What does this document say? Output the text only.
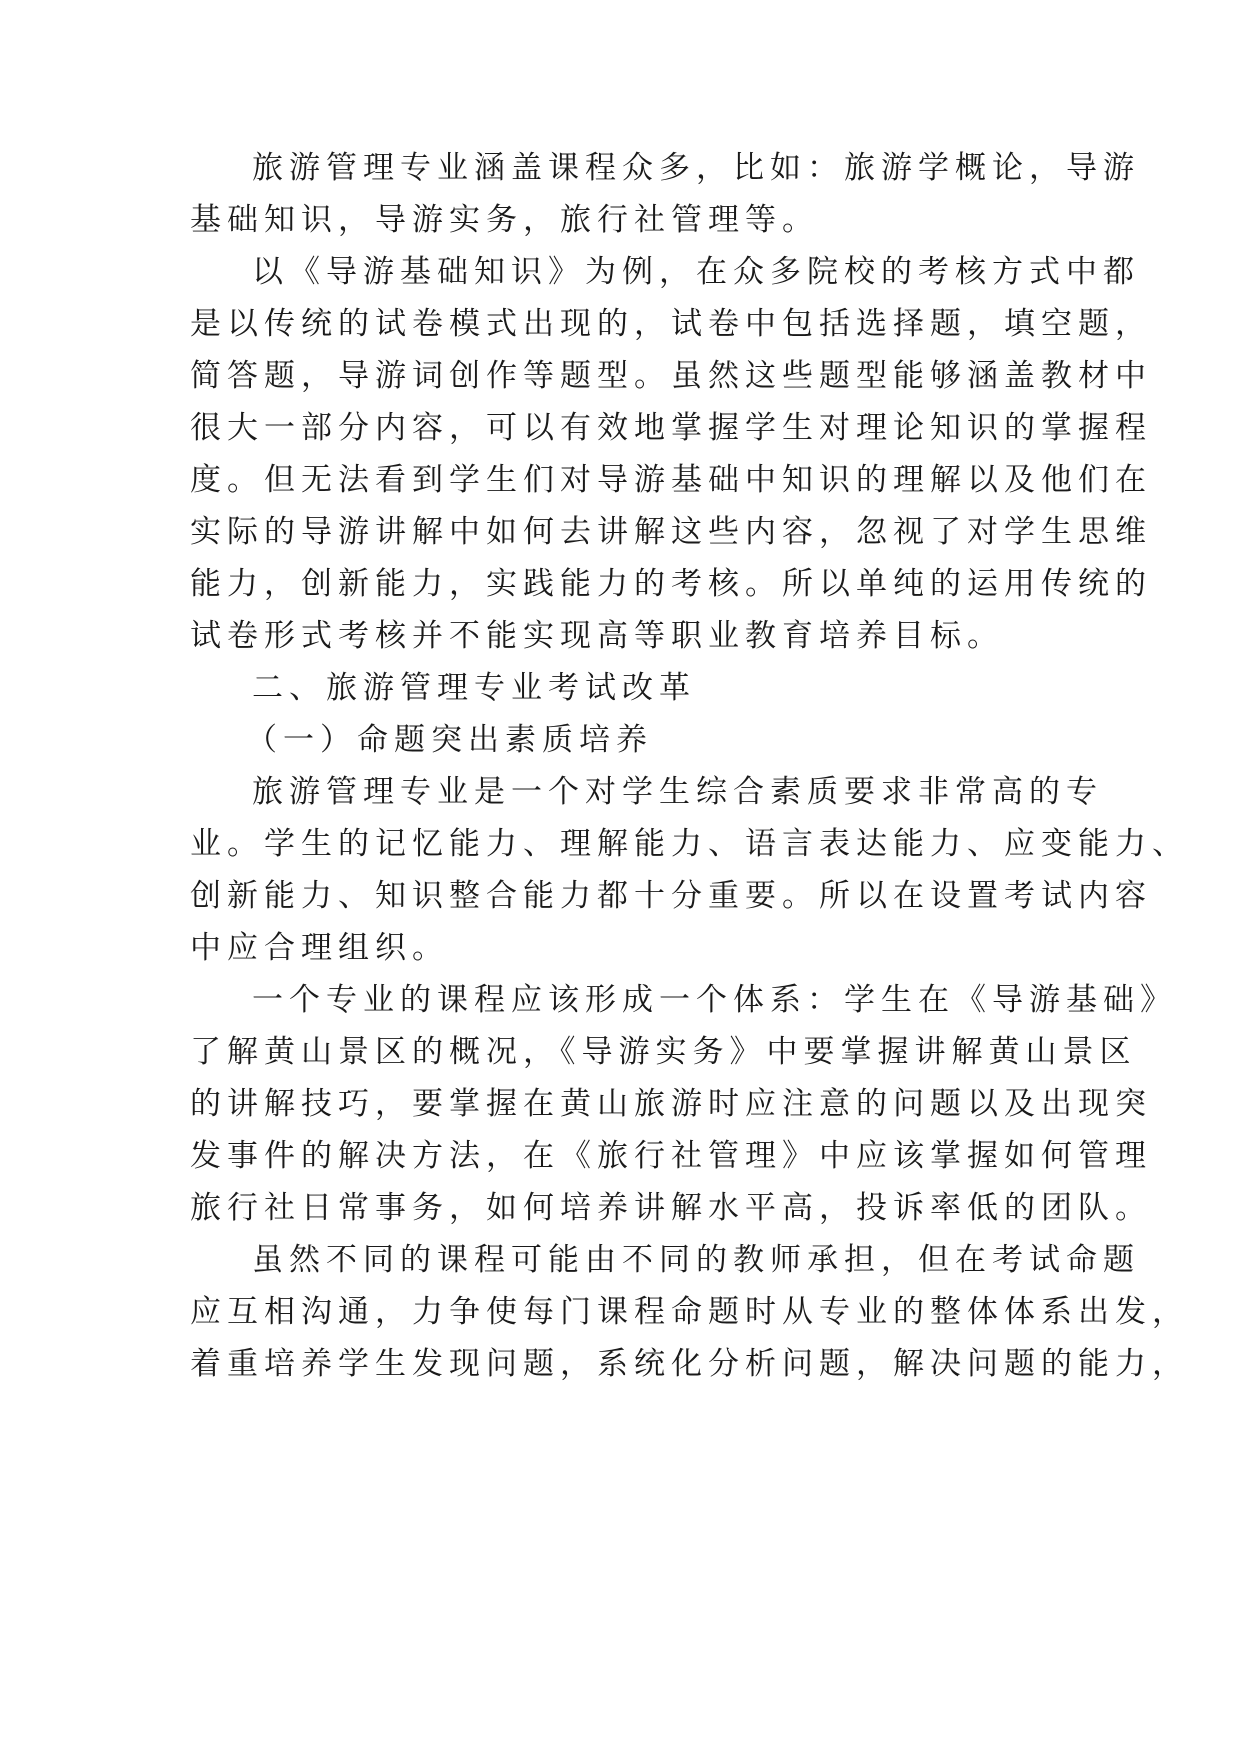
旅游管理专业涵盖课程众多，比如：旅游学概论，导游
基础知识，导游实务，旅行社管理等。
以《导游基础知识》为例，在众多院校的考核方式中都
是以传统的试卷模式出现的，试卷中包括选择题，填空题，
简答题，导游词创作等题型。虽然这些题型能够涵盖教材中
很大一部分内容，可以有效地掌握学生对理论知识的掌握程
度。但无法看到学生们对导游基础中知识的理解以及他们在
实际的导游讲解中如何去讲解这些内容，忽视了对学生思维
能力，创新能力，实践能力的考核。所以单纯的运用传统的
试卷形式考核并不能实现高等职业教育培养目标。
二、旅游管理专业考试改革
（一）命题突出素质培养
旅游管理专业是一个对学生综合素质要求非常高的专
业。学生的记忆能力、理解能力、语言表达能力、应变能力、
创新能力、知识整合能力都十分重要。所以在设置考试内容
中应合理组织。
一个专业的课程应该形成一个体系：学生在《导游基础》
了解黄山景区的概况，《导游实务》中要掌握讲解黄山景区
的讲解技巧，要掌握在黄山旅游时应注意的问题以及出现突
发事件的解决方法，在《旅行社管理》中应该掌握如何管理
旅行社日常事务，如何培养讲解水平高，投诉率低的团队。
虽然不同的课程可能由不同的教师承担，但在考试命题
应互相沟通，力争使每门课程命题时从专业的整体体系出发，
着重培养学生发现问题，系统化分析问题，解决问题的能力，
